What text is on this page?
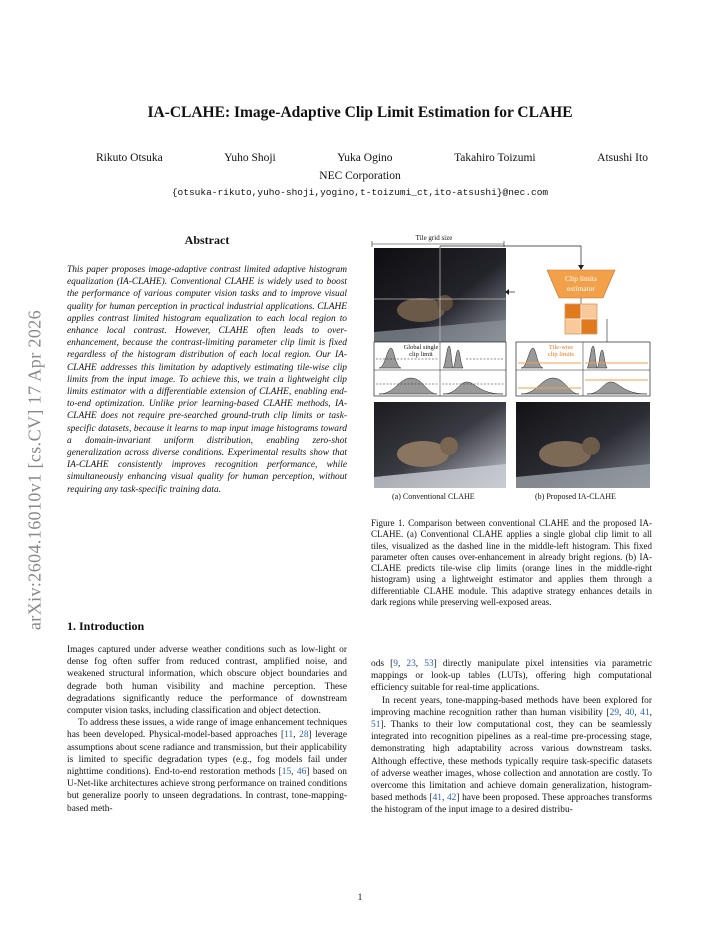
IA-CLAHE: Image-Adaptive Clip Limit Estimation for CLAHE
Rikuto Otsuka	Yuho Shoji	Yuka Ogino	Takahiro Toizumi	Atsushi Ito
NEC Corporation
{otsuka-rikuto,yuho-shoji,yogino,t-toizumi_ct,ito-atsushi}@nec.com
arXiv:2604.16010v1 [cs.CV] 17 Apr 2026
Abstract
This paper proposes image-adaptive contrast limited adaptive histogram equalization (IA-CLAHE). Conventional CLAHE is widely used to boost the performance of various computer vision tasks and to improve visual quality for human perception in practical industrial applications. CLAHE applies contrast limited histogram equalization to each local region to enhance local contrast. However, CLAHE often leads to over-enhancement, because the contrast-limiting parameter clip limit is fixed regardless of the histogram distribution of each local region. Our IA-CLAHE addresses this limitation by adaptively estimating tile-wise clip limits from the input image. To achieve this, we train a lightweight clip limits estimator with a differentiable extension of CLAHE, enabling end-to-end optimization. Unlike prior learning-based CLAHE methods, IA-CLAHE does not require pre-searched ground-truth clip limits or task-specific datasets, because it learns to map input image histograms toward a domain-invariant uniform distribution, enabling zero-shot generalization across diverse conditions. Experimental results show that IA-CLAHE consistently improves recognition performance, while simultaneously enhancing visual quality for human perception, without requiring any task-specific training data.
1. Introduction

Images captured under adverse weather conditions such as low-light or dense fog often suffer from reduced contrast, amplified noise, and weakened structural information, which obscure object boundaries and degrade both human visibility and machine perception. These degradations significantly reduce the performance of downstream computer vision tasks, including classification and object detection.

To address these issues, a wide range of image enhancement techniques has been developed. Physical-model-based approaches [11, 28] leverage assumptions about scene radiance and transmission, but their applicability is limited to specific degradation types (e.g., fog models fail under nighttime conditions). End-to-end restoration methods [15, 46] based on U-Net-like architectures achieve strong performance on trained conditions but generalize poorly to unseen degradations. In contrast, tone-mapping-based meth-

Tile grid size
Clip limits
estimator
Global single
clip limit
Tile-wise
clip limits
(a) Conventional CLAHE	(b) Proposed IA-CLAHE
Figure 1. Comparison between conventional CLAHE and the proposed IA-CLAHE. (a) Conventional CLAHE applies a single global clip limit to all tiles, visualized as the dashed line in the middle-left histogram. This fixed parameter often causes over-enhancement in already bright regions. (b) IA-CLAHE predicts tile-wise clip limits (orange lines in the middle-right histogram) using a lightweight estimator and applies them through a differentiable CLAHE module. This adaptive strategy enhances details in dark regions while preserving well-exposed areas.

ods [9, 23, 53] directly manipulate pixel intensities via parametric mappings or look-up tables (LUTs), offering high computational efficiency suitable for real-time applications.

In recent years, tone-mapping-based methods have been explored for improving machine recognition rather than human visibility [29, 40, 41, 51]. Thanks to their low computational cost, they can be seamlessly integrated into recognition pipelines as a real-time pre-processing stage, demonstrating high adaptability across various downstream tasks. Although effective, these methods typically require task-specific datasets of adverse weather images, whose collection and annotation are costly. To overcome this limitation and achieve domain generalization, histogram-based methods [41, 42] have been proposed. These approaches transforms the histogram of the input image to a desired distribu-

1
